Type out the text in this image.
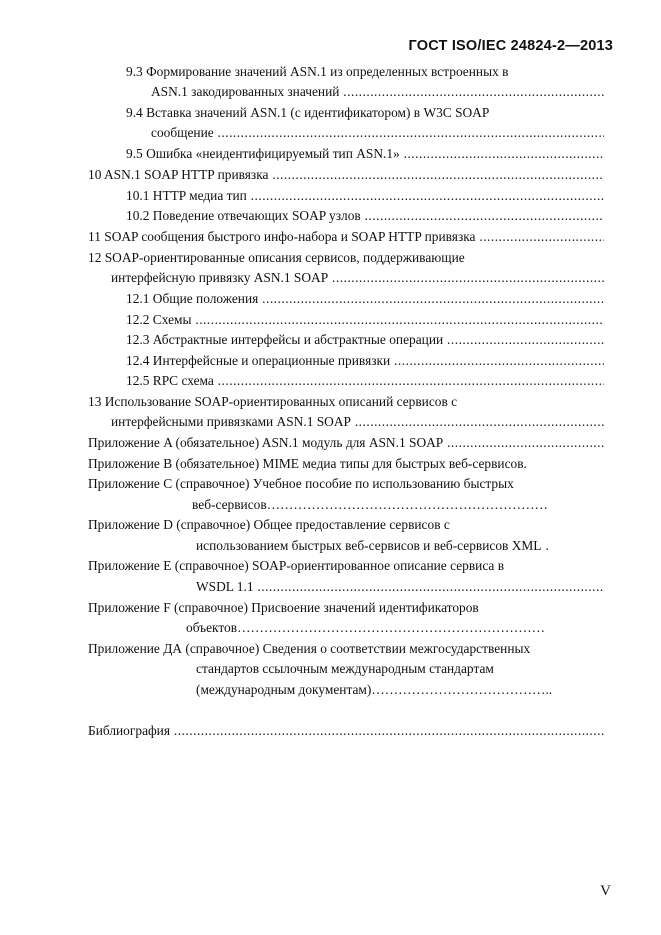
ГОСТ ISO/IEC 24824-2—2013
9.3 Формирование значений ASN.1 из определенных встроенных в
ASN.1 закодированных значений .....
9.4 Вставка значений ASN.1 (с идентификатором) в W3C SOAP
сообщение .....
9.5 Ошибка «неидентифицируемый тип ASN.1» .....
10 ASN.1 SOAP HTTP привязка .....
10.1 HTTP медиа тип .....
10.2 Поведение отвечающих SOAP узлов .....
11 SOAP сообщения быстрого инфо-набора и SOAP HTTP привязка .....
12 SOAP-ориентированные описания сервисов, поддерживающие
интерфейсную привязку ASN.1 SOAP .....
12.1 Общие положения .....
12.2 Схемы .....
12.3 Абстрактные интерфейсы и абстрактные операции .....
12.4 Интерфейсные и операционные привязки .....
12.5 RPC схема .....
13 Использование SOAP-ориентированных описаний сервисов с
интерфейсными привязками ASN.1 SOAP .....
Приложение A (обязательное) ASN.1 модуль для ASN.1 SOAP .....
Приложение B (обязательное) MIME медиа типы для быстрых веб-сервисов .
Приложение C (справочное) Учебное пособие по использованию быстрых
веб-сервисов………………………………………………………
Приложение D (справочное) Общее предоставление сервисов с
использованием быстрых веб-сервисов и веб-сервисов XML .
Приложение E (справочное) SOAP-ориентированное описание сервиса в
WSDL 1.1 .....
Приложение F (справочное) Присвоение значений идентификаторов
объектов……………………………………………………………
Приложение ДА (справочное) Сведения о соответствии межгосударственных
стандартов ссылочным международным стандартам
(международным документам)…………………………………..
Библиография .....
V
